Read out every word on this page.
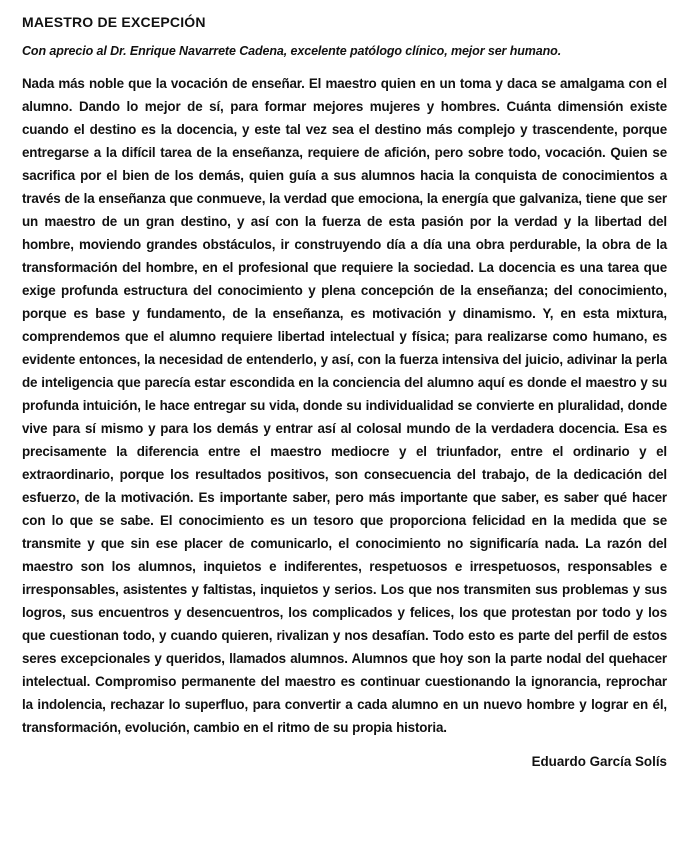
MAESTRO DE EXCEPCIÓN
Con aprecio al Dr. Enrique Navarrete Cadena, excelente patólogo clínico, mejor ser humano.

Nada más noble que la vocación de enseñar. El maestro quien en un toma y daca se amalgama con el alumno. Dando lo mejor de sí, para formar mejores mujeres y hombres. Cuánta dimensión existe cuando el destino es la docencia, y este tal vez sea el destino más complejo y trascendente, porque entregarse a la difícil tarea de la enseñanza, requiere de afición, pero sobre todo, vocación. Quien se sacrifica por el bien de los demás, quien guía a sus alumnos hacia la conquista de conocimientos a través de la enseñanza que conmueve, la verdad que emociona, la energía que galvaniza, tiene que ser un maestro de un gran destino, y así con la fuerza de esta pasión por la verdad y la libertad del hombre, moviendo grandes obstáculos, ir construyendo día a día una obra perdurable, la obra de la transformación del hombre, en el profesional que requiere la sociedad. La docencia es una tarea que exige profunda estructura del conocimiento y plena concepción de la enseñanza; del conocimiento, porque es base y fundamento, de la enseñanza, es motivación y dinamismo. Y, en esta mixtura, comprendemos que el alumno requiere libertad intelectual y física; para realizarse como humano, es evidente entonces, la necesidad de entenderlo, y así, con la fuerza intensiva del juicio, adivinar la perla de inteligencia que parecía estar escondida en la conciencia del alumno aquí es donde el maestro y su profunda intuición, le hace entregar su vida, donde su individualidad se convierte en pluralidad, donde vive para sí mismo y para los demás y entrar así al colosal mundo de la verdadera docencia. Esa es precisamente la diferencia entre el maestro mediocre y el triunfador, entre el ordinario y el extraordinario, porque los resultados positivos, son consecuencia del trabajo, de la dedicación del esfuerzo, de la motivación. Es importante saber, pero más importante que saber, es saber qué hacer con lo que se sabe. El conocimiento es un tesoro que proporciona felicidad en la medida que se transmite y que sin ese placer de comunicarlo, el conocimiento no significaría nada. La razón del maestro son los alumnos, inquietos e indiferentes, respetuosos e irrespetuosos, responsables e irresponsables, asistentes y faltistas, inquietos y serios. Los que nos transmiten sus problemas y sus logros, sus encuentros y desencuentros, los complicados y felices, los que protestan por todo y los que cuestionan todo, y cuando quieren, rivalizan y nos desafían. Todo esto es parte del perfil de estos seres excepcionales y queridos, llamados alumnos. Alumnos que hoy son la parte nodal del quehacer intelectual. Compromiso permanente del maestro es continuar cuestionando la ignorancia, reprochar la indolencia, rechazar lo superfluo, para convertir a cada alumno en un nuevo hombre y lograr en él, transformación, evolución, cambio en el ritmo de su propia historia.

Eduardo García Solís
